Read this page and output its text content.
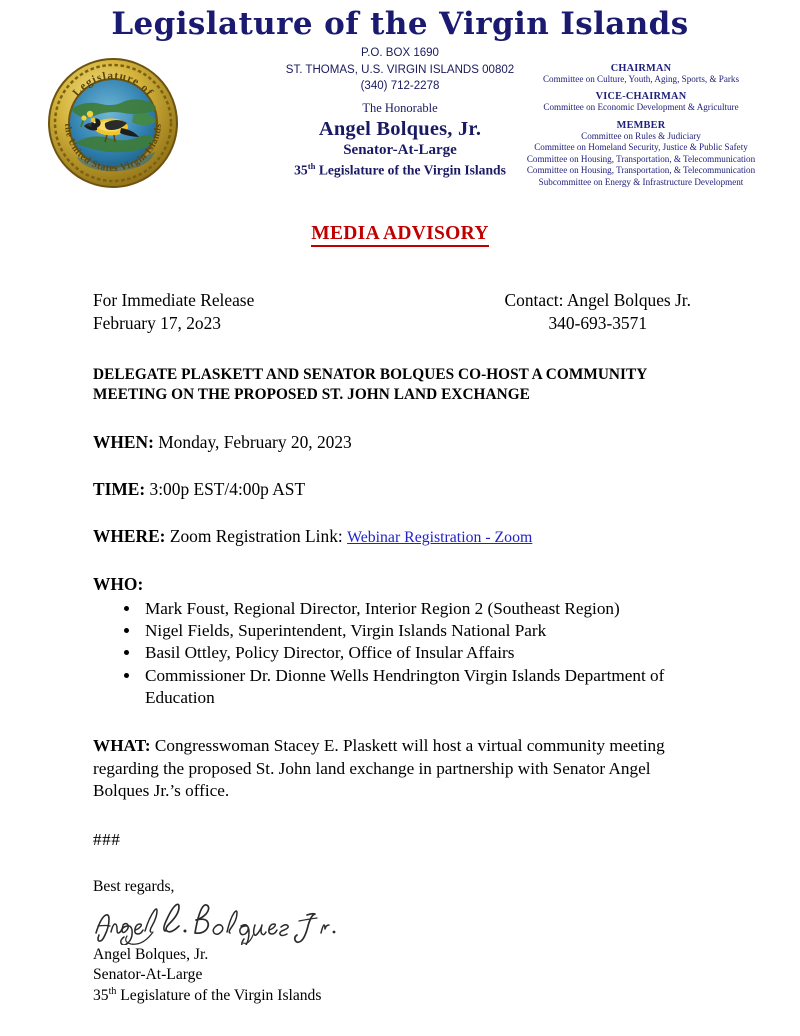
Legislature of
the United States Virgin Islands
Legislature of the Virgin Islands
P.O. BOX 1690
ST. THOMAS, U.S. VIRGIN ISLANDS 00802
(340) 712-2278
The Honorable
Angel Bolques, Jr.
Senator-At-Large
35th Legislature of the Virgin Islands
CHAIRMAN
Committee on Culture, Youth, Aging, Sports, & Parks
VICE-CHAIRMAN
Committee on Economic Development & Agriculture
MEMBER
Committee on Rules & Judiciary
Committee on Homeland Security, Justice & Public Safety
Committee on Housing, Transportation, & Telecommunication
Committee on Housing, Transportation, & Telecommunication
Subcommittee on Energy & Infrastructure Development
MEDIA ADVISORY
For Immediate Release
February 17, 2o23
Contact: Angel Bolques Jr.
340-693-3571
DELEGATE PLASKETT AND SENATOR BOLQUES CO-HOST A COMMUNITY MEETING ON THE PROPOSED ST. JOHN LAND EXCHANGE
WHEN: Monday, February 20, 2023
TIME: 3:00p EST/4:00p AST
WHERE: Zoom Registration Link: Webinar Registration - Zoom
WHO:
• Mark Foust, Regional Director, Interior Region 2 (Southeast Region)
• Nigel Fields, Superintendent, Virgin Islands National Park
• Basil Ottley, Policy Director, Office of Insular Affairs
• Commissioner Dr. Dionne Wells Hendrington Virgin Islands Department of Education
WHAT: Congresswoman Stacey E. Plaskett will host a virtual community meeting regarding the proposed St. John land exchange in partnership with Senator Angel Bolques Jr.’s office.
###
Best regards,
Angel Bolques, Jr.
Senator-At-Large
35th Legislature of the Virgin Islands
